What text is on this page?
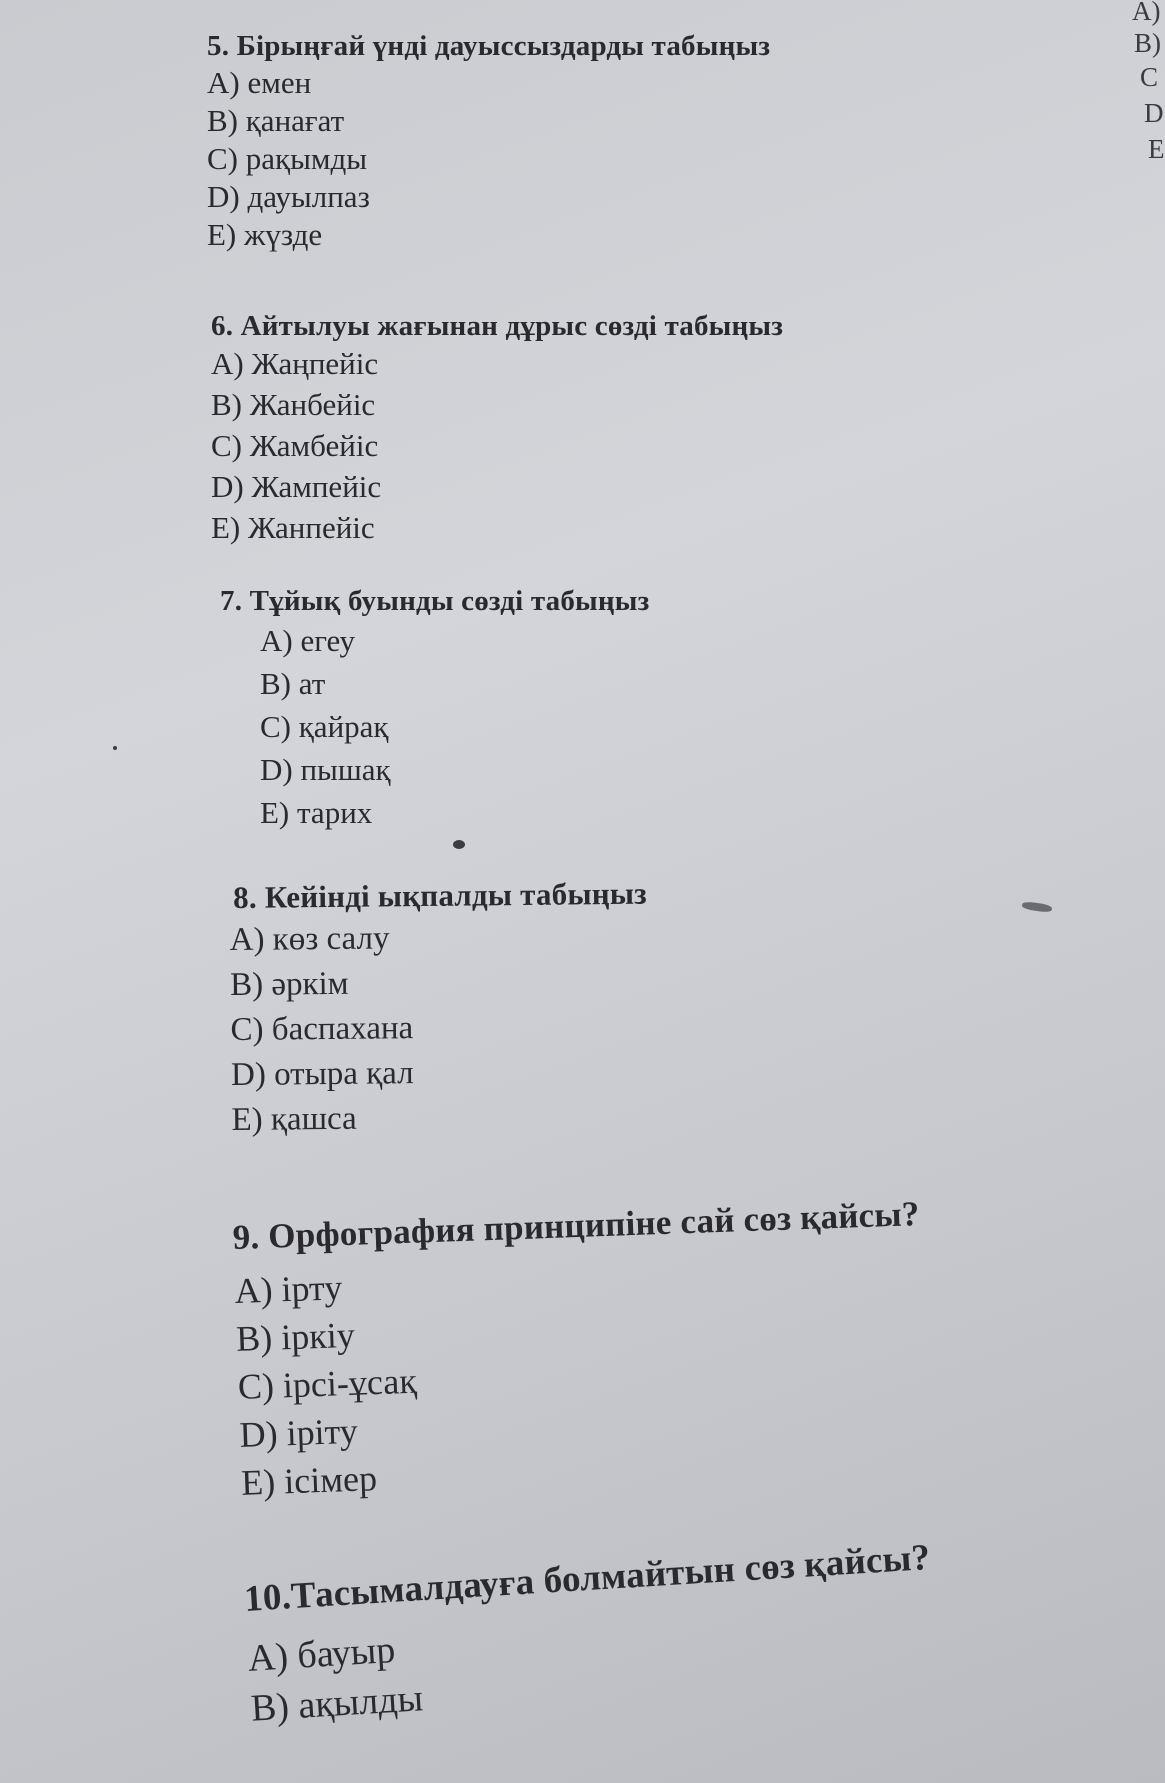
5. Бірыңғай үнді дауыссыздарды табыңыз
A) емен
B) қанағат
C) рақымды
D) дауылпаз
E) жүзде
6. Айтылуы жағынан дұрыс сөзді табыңыз
A) Жаңпейіс
B) Жанбейіс
C) Жамбейіс
D) Жампейіс
E) Жанпейіс
7. Тұйық буынды сөзді табыңыз
A) егеу
B) ат
C) қайрақ
D) пышақ
E) тарих
8. Кейінді ықпалды табыңыз
A) көз салу
B) әркім
C) баспахана
D) отыра қал
E) қашса
9. Орфография принципіне сай сөз қайсы?
A) ірту
B) іркіу
C) ірсі-ұсақ
D) іріту
E) ісімер
10.Тасымалдауға болмайтын сөз қайсы?
A) бауыр
B) ақылды
A)
B)
C
D
E
